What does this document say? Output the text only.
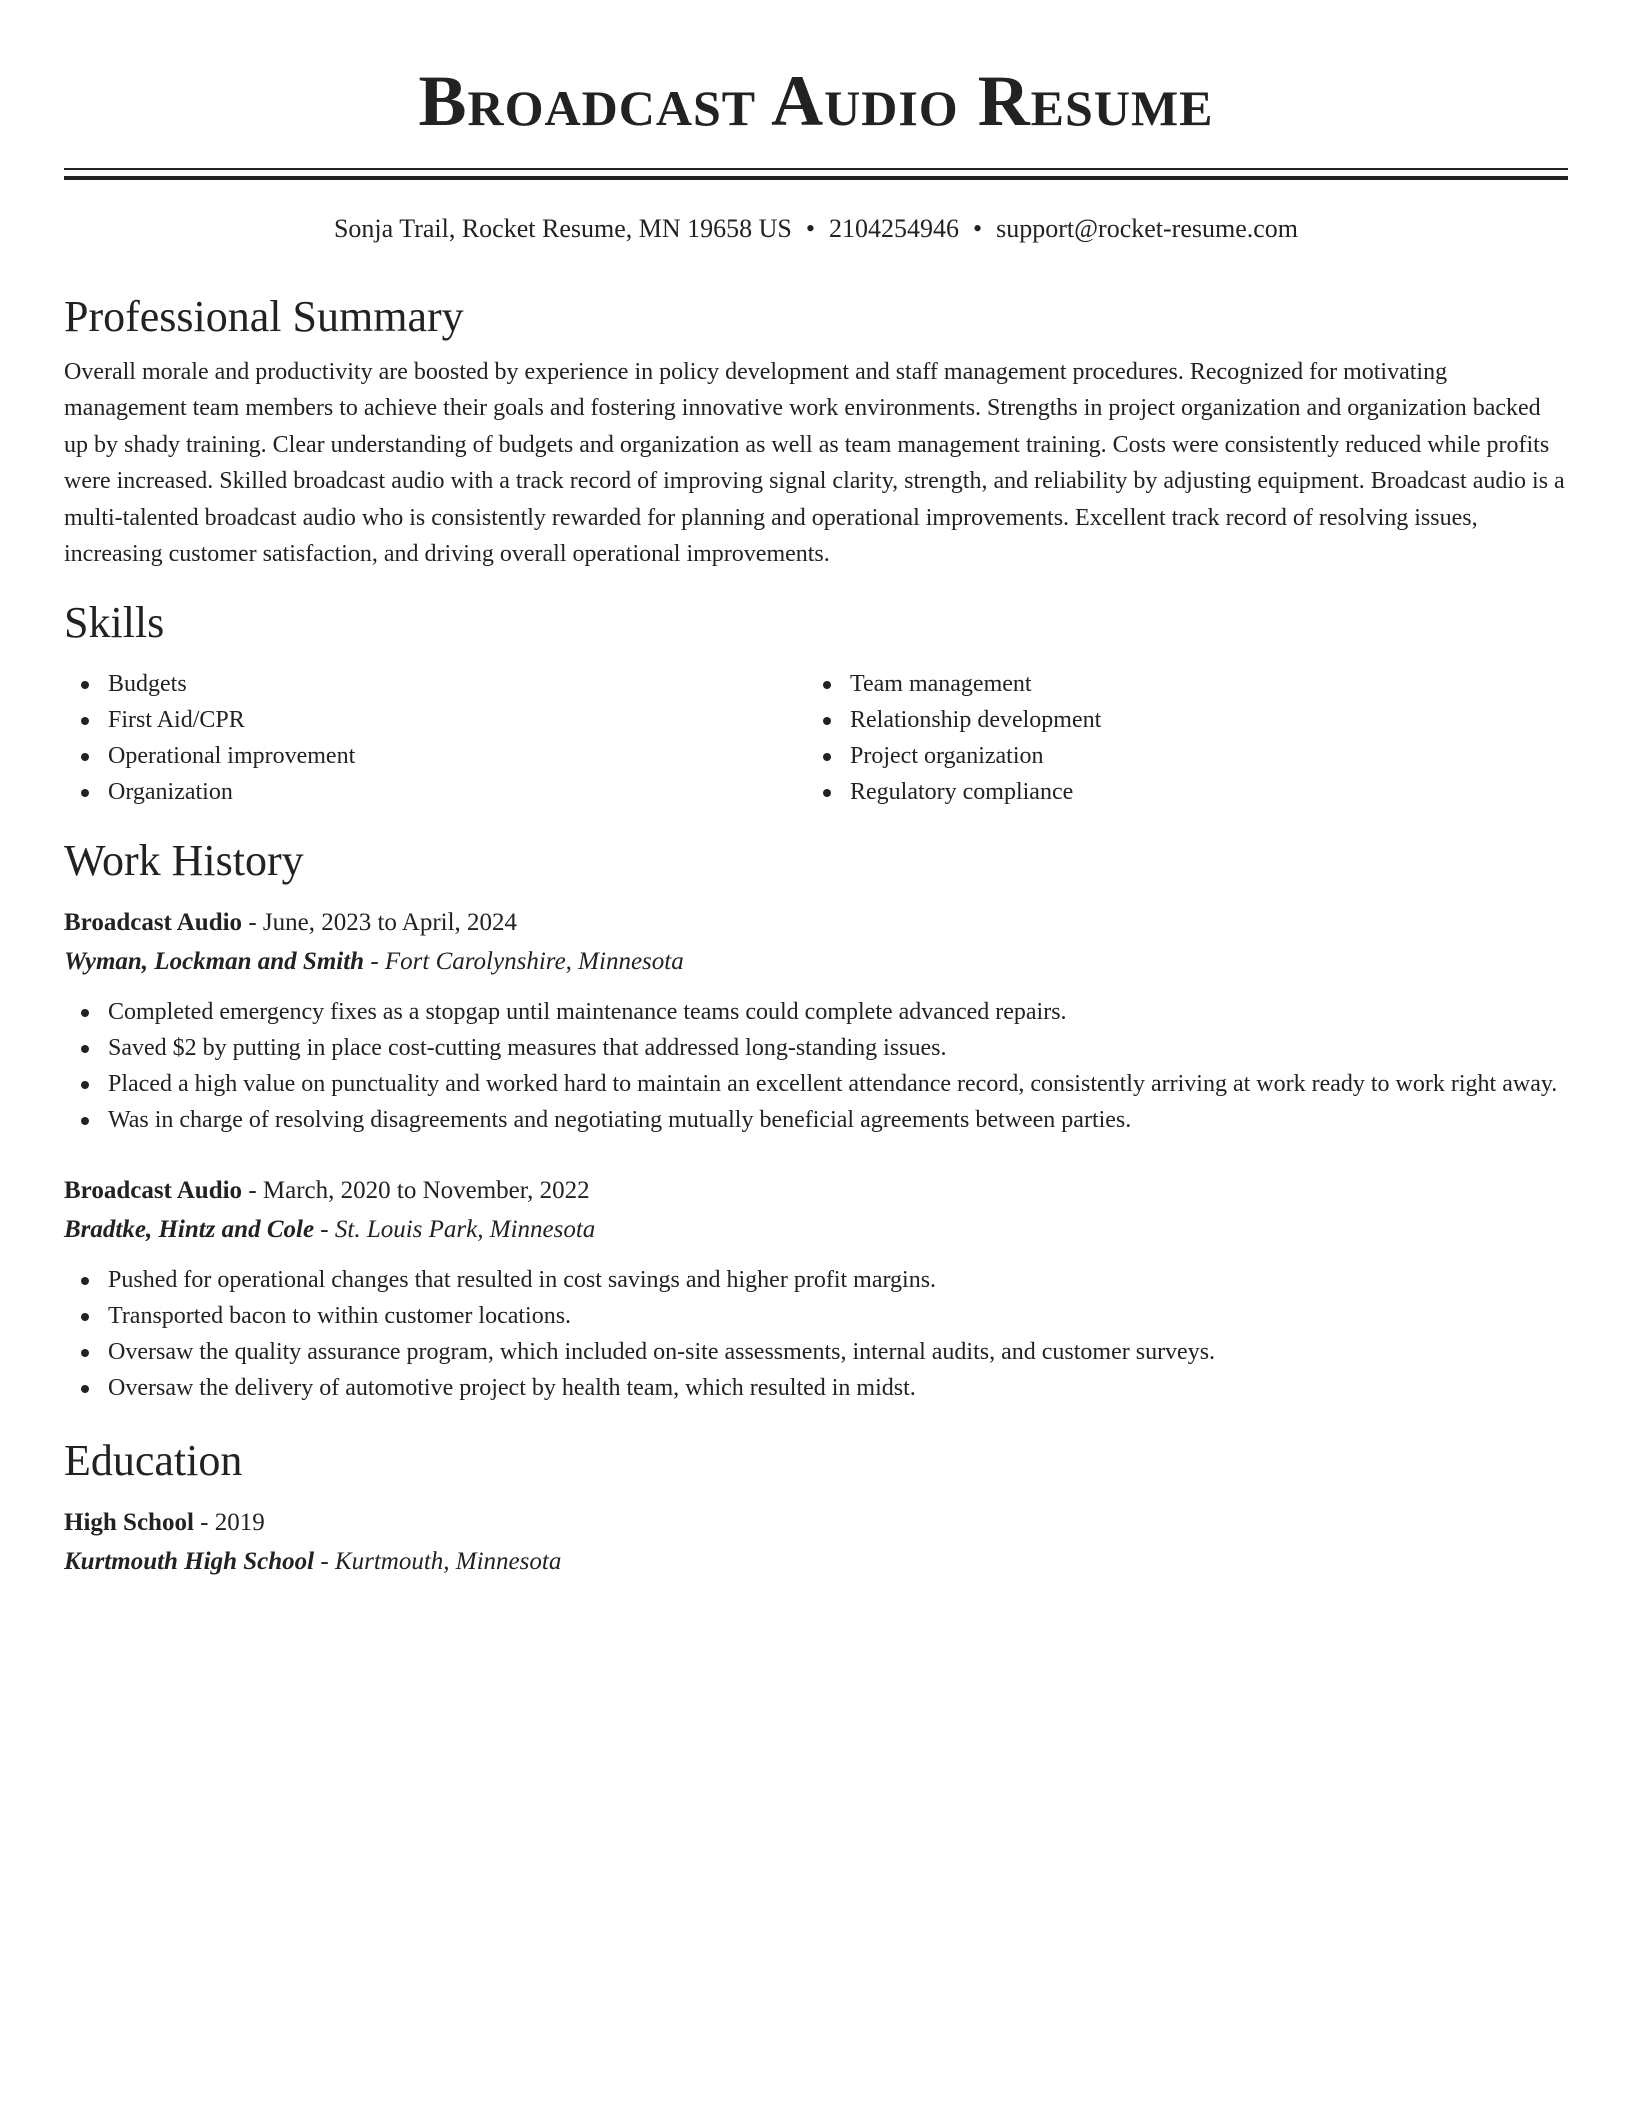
Broadcast Audio Resume
Sonja Trail, Rocket Resume, MN 19658 US • 2104254946 • support@rocket-resume.com
Professional Summary
Overall morale and productivity are boosted by experience in policy development and staff management procedures. Recognized for motivating management team members to achieve their goals and fostering innovative work environments. Strengths in project organization and organization backed up by shady training. Clear understanding of budgets and organization as well as team management training. Costs were consistently reduced while profits were increased. Skilled broadcast audio with a track record of improving signal clarity, strength, and reliability by adjusting equipment. Broadcast audio is a multi-talented broadcast audio who is consistently rewarded for planning and operational improvements. Excellent track record of resolving issues, increasing customer satisfaction, and driving overall operational improvements.
Skills
Budgets
First Aid/CPR
Operational improvement
Organization
Team management
Relationship development
Project organization
Regulatory compliance
Work History
Broadcast Audio - June, 2023 to April, 2024
Wyman, Lockman and Smith - Fort Carolynshire, Minnesota
Completed emergency fixes as a stopgap until maintenance teams could complete advanced repairs.
Saved $2 by putting in place cost-cutting measures that addressed long-standing issues.
Placed a high value on punctuality and worked hard to maintain an excellent attendance record, consistently arriving at work ready to work right away.
Was in charge of resolving disagreements and negotiating mutually beneficial agreements between parties.
Broadcast Audio - March, 2020 to November, 2022
Bradtke, Hintz and Cole - St. Louis Park, Minnesota
Pushed for operational changes that resulted in cost savings and higher profit margins.
Transported bacon to within customer locations.
Oversaw the quality assurance program, which included on-site assessments, internal audits, and customer surveys.
Oversaw the delivery of automotive project by health team, which resulted in midst.
Education
High School - 2019
Kurtmouth High School - Kurtmouth, Minnesota
